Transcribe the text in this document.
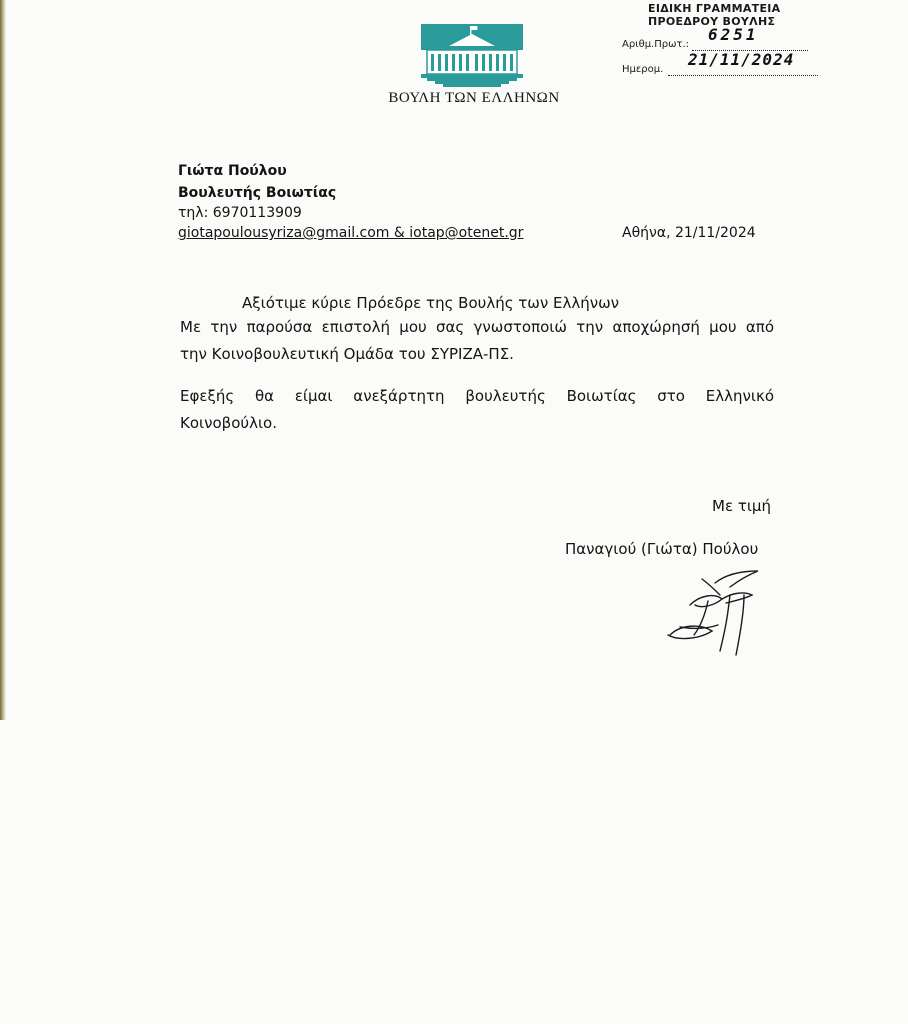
ΕΙΔΙΚΗ ΓΡΑΜΜΑΤΕΙΑ
ΠΡΟΕΔΡΟΥ ΒΟΥΛΗΣ
Αριθμ.Πρωτ.:
6251
Ημερομ.
21/11/2024
ΒΟΥΛΗ ΤΩΝ ΕΛΛΗΝΩΝ
Γιώτα Πούλου
Βουλευτής Βοιωτίας
τηλ: 6970113909
giotapoulousyriza@gmail.com & iotap@otenet.gr	Αθήνα, 21/11/2024
Αξιότιμε κύριε Πρόεδρε της Βουλής των Ελλήνων
Με την παρούσα επιστολή μου σας γνωστοποιώ την αποχώρησή μου από
την Κοινοβουλευτική Ομάδα του ΣΥΡΙΖΑ-ΠΣ.
Εφεξής θα είμαι ανεξάρτητη βουλευτής Βοιωτίας στο Ελληνικό
Κοινοβούλιο.
Με τιμή
Παναγιού (Γιώτα) Πούλου
